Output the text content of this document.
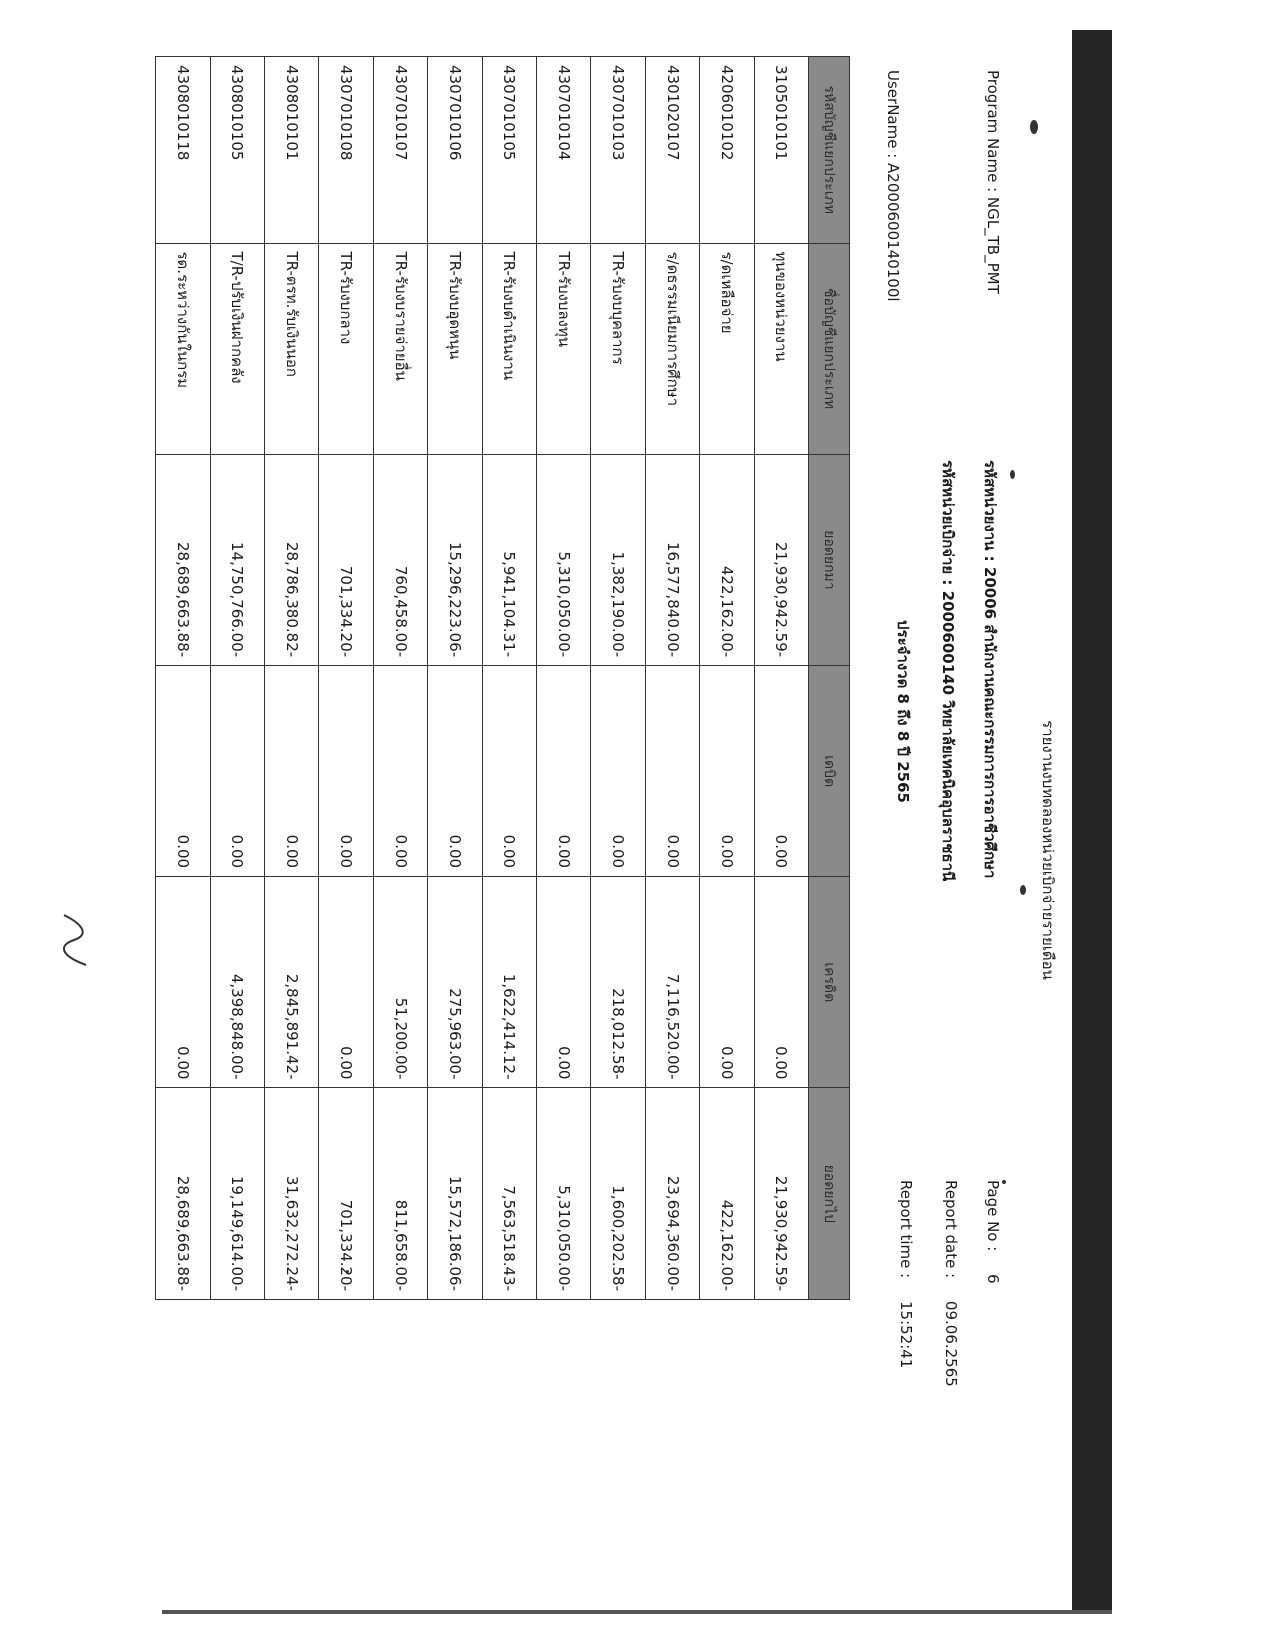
รายงานงบทดลองหน่วยเบิกจ่ายรายเดือน
Program Name : NGL_TB_PMT
รหัสหน่วยงาน : 20006 สำนักงานคณะกรรมการการอาชีวศึกษา
Page No : 6
รหัสหน่วยเบิกจ่าย : 2000600140 วิทยาลัยเทคนิคอุบลราชธานี
Report date : 09.06.2565
ประจำงวด 8 ถึง 8 ปี 2565
UserName : A2000600140100l
Report time : 15:52:41
รหัสบัญชีแยกประเภท	ชื่อบัญชีแยกประเภท	ยอดยกมา	เดบิต	เครดิต	ยอดยกไป
3105010101	ทุนของหน่วยงาน	21,930,942.59-	0.00	0.00	21,930,942.59-
4206010102	ร/ดเหลือจ่าย	422,162.00-	0.00	0.00	422,162.00-
4301020107	ร/ดธรรมเนียมการศึกษา	16,577,840.00-	0.00	7,116,520.00-	23,694,360.00-
4307010103	TR-รับงบบุคลากร	1,382,190.00-	0.00	218,012.58-	1,600,202.58-
4307010104	TR-รับงบลงทุน	5,310,050.00-	0.00	0.00	5,310,050.00-
4307010105	TR-รับงบดำเนินงาน	5,941,104.31-	0.00	1,622,414.12-	7,563,518.43-
4307010106	TR-รับงบอุดหนุน	15,296,223.06-	0.00	275,963.00-	15,572,186.06-
4307010107	TR-รับงบรายจ่ายอื่น	760,458.00-	0.00	51,200.00-	811,658.00-
4307010108	TR-รับงบกลาง	701,334.20-	0.00	0.00	701,334.20-
4308010101	TR-ตรท.รับเงินนอก	28,786,380.82-	0.00	2,845,891.42-	31,632,272.24-
4308010105	T/R-ปรับเงินฝากคลัง	14,750,766.00-	0.00	4,398,848.00-	19,149,614.00-
4308010118	รด.ระหว่างกันในกรม	28,689,663.88-	0.00	0.00	28,689,663.88-
